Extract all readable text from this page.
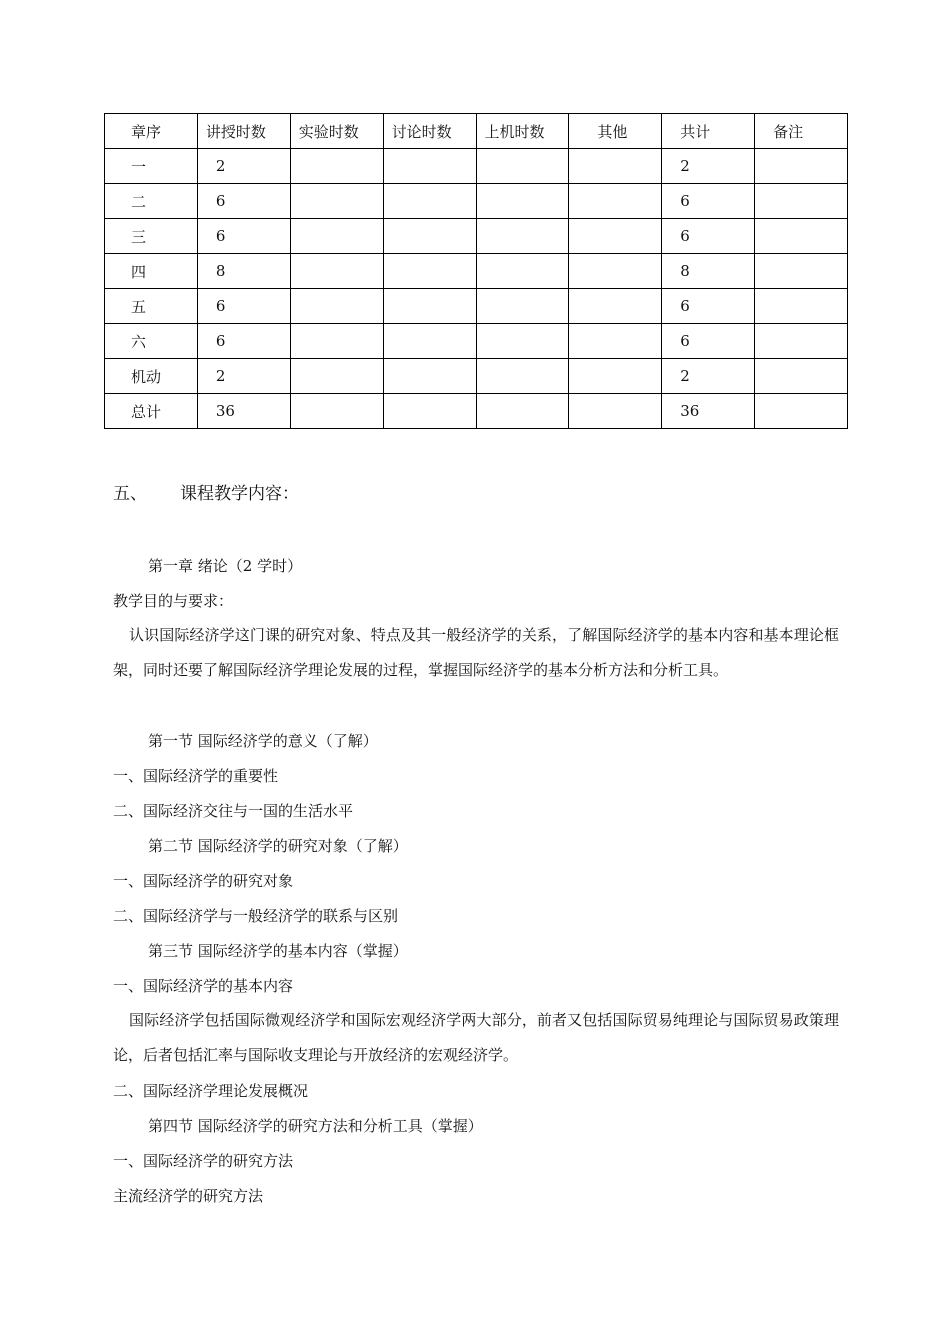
章序	讲授时数	实验时数	讨论时数	上机时数	其他	共计	备注
一	2					2	
二	6					6	
三	6					6	
四	8					8	
五	6					6	
六	6					6	
机动	2					2	
总计	36					36	
五、 课程教学内容：
第一章 绪论（2 学时）
教学目的与要求：
认识国际经济学这门课的研究对象、特点及其一般经济学的关系，了解国际经济学的基本内容和基本理论框架，同时还要了解国际经济学理论发展的过程，掌握国际经济学的基本分析方法和分析工具。
第一节 国际经济学的意义（了解）
一、国际经济学的重要性
二、国际经济交往与一国的生活水平
第二节 国际经济学的研究对象（了解）
一、国际经济学的研究对象
二、国际经济学与一般经济学的联系与区别
第三节 国际经济学的基本内容（掌握）
一、国际经济学的基本内容
国际经济学包括国际微观经济学和国际宏观经济学两大部分，前者又包括国际贸易纯理论与国际贸易政策理论，后者包括汇率与国际收支理论与开放经济的宏观经济学。
二、国际经济学理论发展概况
第四节 国际经济学的研究方法和分析工具（掌握）
一、国际经济学的研究方法
主流经济学的研究方法
